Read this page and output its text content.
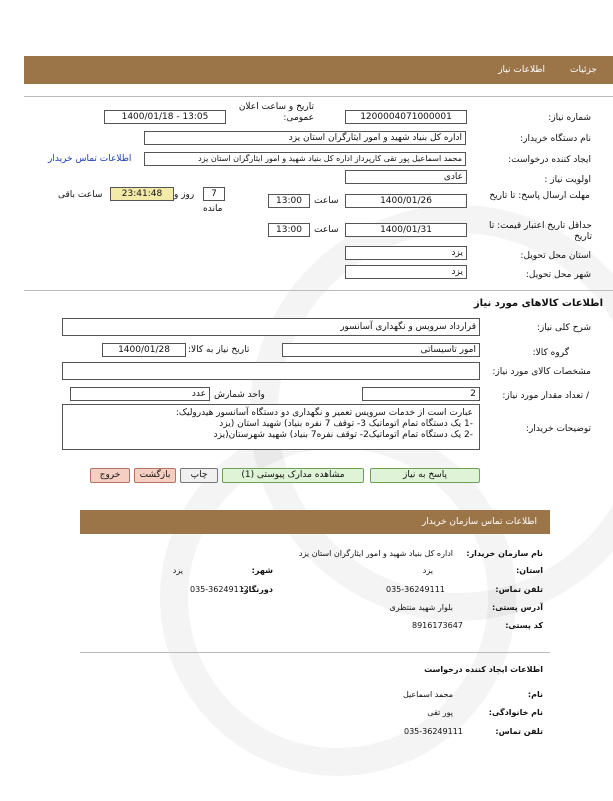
جزئیات
اطلاعات نیاز
شماره نیاز:
1200004071000001
تاریخ و ساعت اعلان عمومی:
1400/01/18 - 13:05
نام دستگاه خریدار:
اداره کل بنیاد شهید و امور ایثارگران استان یزد
ایجاد کننده درخواست:
محمد اسماعیل پور تقی کارپرداز اداره کل بنیاد شهید و امور ایثارگران استان یزد
اطلاعات تماس خریدار
اولویت نیاز :
عادی
مهلت ارسال پاسخ: تا تاریخ
1400/01/26
ساعت
13:00
7
روز و
مانده
23:41:48
ساعت باقی
حداقل تاریخ اعتبار قیمت: تا تاریخ
1400/01/31
ساعت
13:00
استان محل تحویل:
یزد
شهر محل تحویل:
یزد
اطلاعات کالاهای مورد نیاز
شرح کلی نیاز:
قرارداد سرویس و نگهداری آسانسور
گروه کالا:
امور تاسیساتی
تاریخ نیاز به کالا:
1400/01/28
مشخصات کالای مورد نیاز:
/ تعداد مقدار مورد نیاز:
2
واحد شمارش
عدد
توضیحات خریدار:
عبارت است از خدمات سرویس تعمیر و نگهداری دو دستگاه آسانسور هیدرولیک:
-1 یک دستگاه تمام اتوماتیک 3- توقف 7 نفره بنیاد) شهید استان (یزد
-2 یک دستگاه تمام اتوماتیک2- توقف نفره7 بنیاد) شهید شهرستان(یزد
پاسخ به نیاز
مشاهده مدارک پیوستی (1)
چاپ
بازگشت
خروج
اطلاعات تماس سازمان خریدار
نام سازمان خریدار:
اداره کل بنیاد شهید و امور ایثارگران استان یزد
استان:
یزد
شهر:
یزد
تلفن تماس:
035-36249111
دورنگار:
035-36249112
آدرس پستی:
بلوار شهید منتظری
کد پستی:
8916173647
اطلاعات ایجاد کننده درخواست
نام:
محمد اسماعیل
نام خانوادگی:
پور تقی
تلفن تماس:
035-36249111
